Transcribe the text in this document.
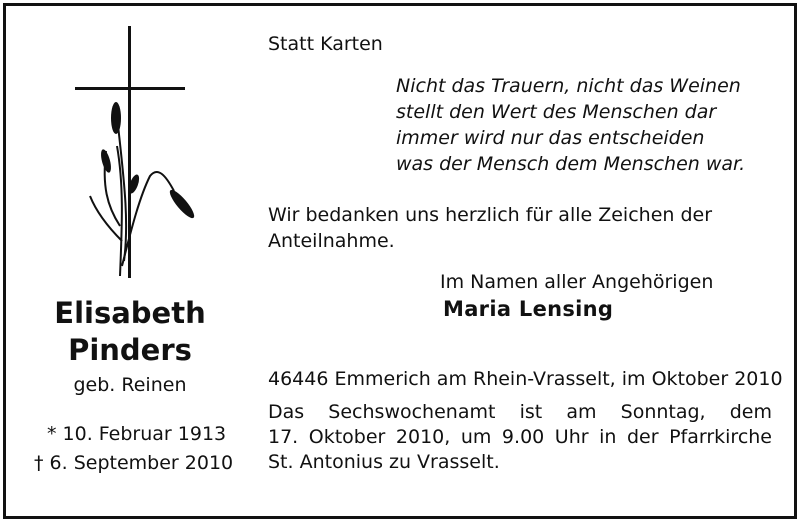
Elisabeth
Pinders
geb. Reinen
* 10. Februar 1913
† 6. September 2010
Statt Karten
Nicht das Trauern, nicht das Weinen
stellt den Wert des Menschen dar
immer wird nur das entscheiden
was der Mensch dem Menschen war.
Wir bedanken uns herzlich für alle Zeichen der
Anteilnahme.
Im Namen aller Angehörigen
Maria Lensing
46446 Emmerich am Rhein-Vrasselt, im Oktober 2010
Das Sechswochenamt ist am Sonntag, dem
17. Oktober 2010, um 9.00 Uhr in der Pfarrkirche
St. Antonius zu Vrasselt.
